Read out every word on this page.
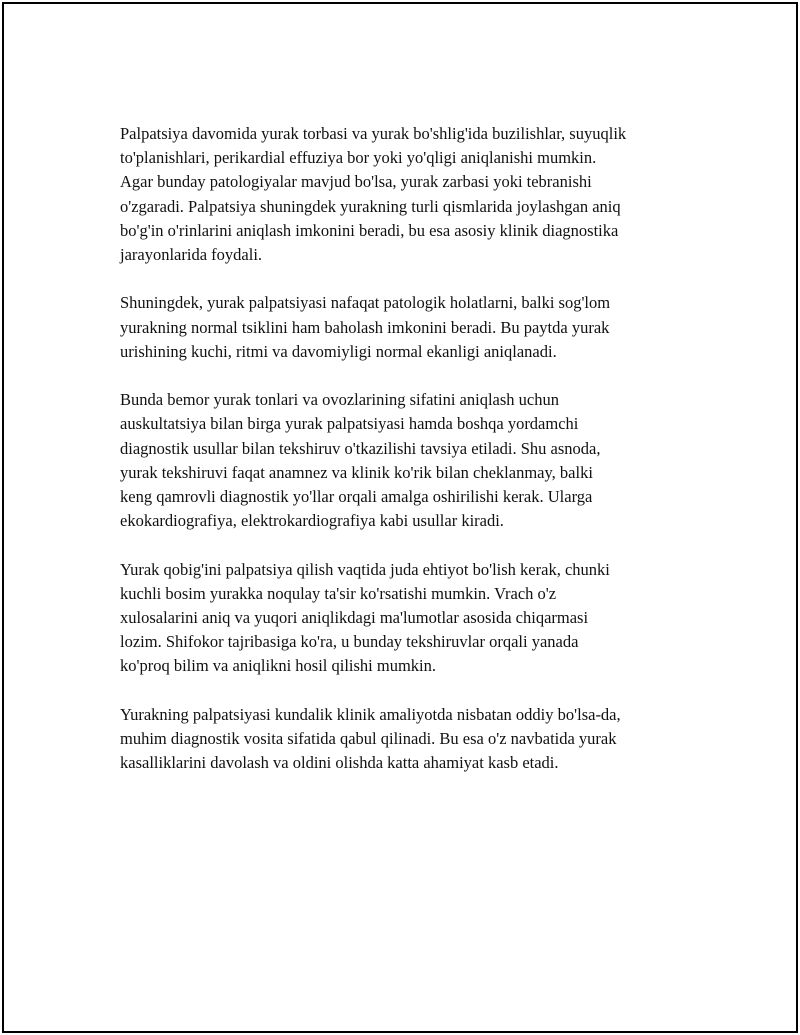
Palpatsiya davomida yurak torbasi va yurak bo'shlig'ida buzilishlar, suyuqlik
to'planishlari, perikardial effuziya bor yoki yo'qligi aniqlanishi mumkin.
Agar bunday patologiyalar mavjud bo'lsa, yurak zarbasi yoki tebranishi
o'zgaradi. Palpatsiya shuningdek yurakning turli qismlarida joylashgan aniq
bo'g'in o'rinlarini aniqlash imkonini beradi, bu esa asosiy klinik diagnostika
jarayonlarida foydali.

Shuningdek, yurak palpatsiyasi nafaqat patologik holatlarni, balki sog'lom
yurakning normal tsiklini ham baholash imkonini beradi. Bu paytda yurak
urishining kuchi, ritmi va davomiyligi normal ekanligi aniqlanadi.

Bunda bemor yurak tonlari va ovozlarining sifatini aniqlash uchun
auskultatsiya bilan birga yurak palpatsiyasi hamda boshqa yordamchi
diagnostik usullar bilan tekshiruv o'tkazilishi tavsiya etiladi. Shu asnoda,
yurak tekshiruvi faqat anamnez va klinik ko'rik bilan cheklanmay, balki
keng qamrovli diagnostik yo'llar orqali amalga oshirilishi kerak. Ularga
ekokardiografiya, elektrokardiografiya kabi usullar kiradi.

Yurak qobig'ini palpatsiya qilish vaqtida juda ehtiyot bo'lish kerak, chunki
kuchli bosim yurakka noqulay ta'sir ko'rsatishi mumkin. Vrach o'z
xulosalarini aniq va yuqori aniqlikdagi ma'lumotlar asosida chiqarmasi
lozim. Shifokor tajribasiga ko'ra, u bunday tekshiruvlar orqali yanada
ko'proq bilim va aniqlikni hosil qilishi mumkin.

Yurakning palpatsiyasi kundalik klinik amaliyotda nisbatan oddiy bo'lsa-da,
muhim diagnostik vosita sifatida qabul qilinadi. Bu esa o'z navbatida yurak
kasalliklarini davolash va oldini olishda katta ahamiyat kasb etadi.
